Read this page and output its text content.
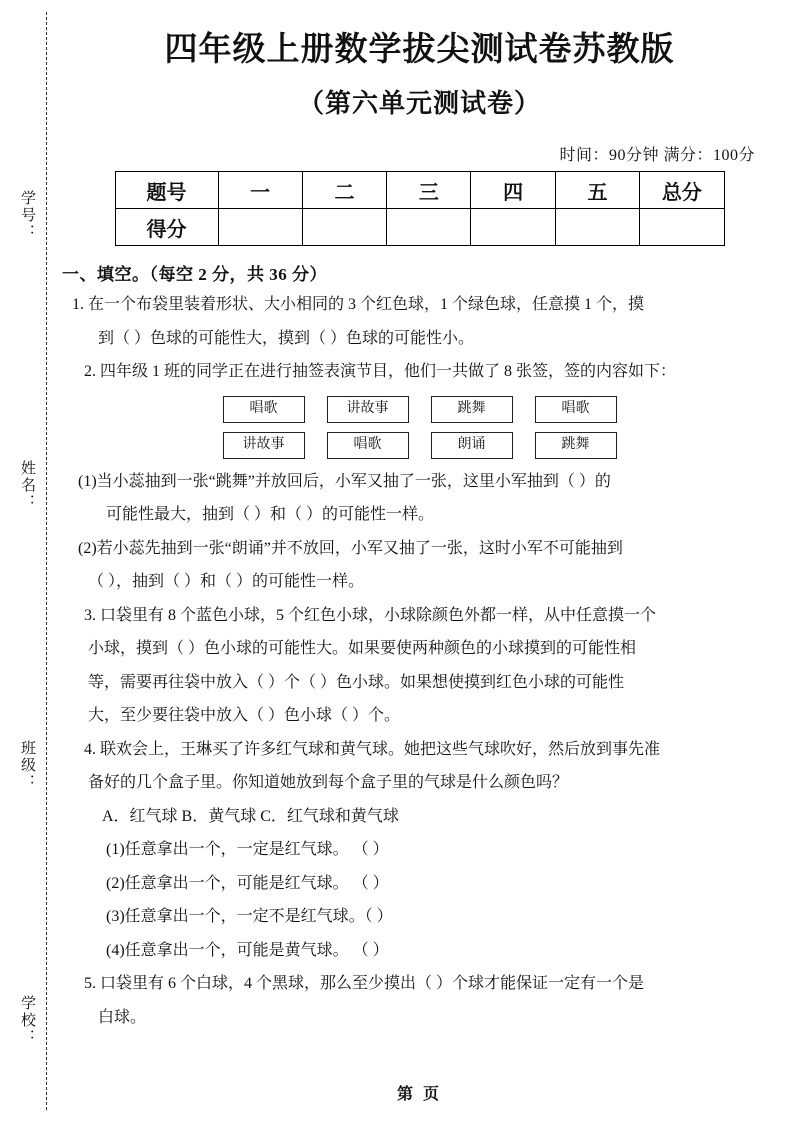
学号：
姓名：
班级：
学校：
四年级上册数学拔尖测试卷苏教版
（第六单元测试卷）
时间：90分钟 满分：100分
题号	一	二	三	四	五	总分
得分						
一、填空。（每空 2 分，共 36 分）
1. 在一个布袋里装着形状、大小相同的 3 个红色球，1 个绿色球，任意摸 1 个，摸
到（ ）色球的可能性大，摸到（ ）色球的可能性小。
2. 四年级 1 班的同学正在进行抽签表演节目，他们一共做了 8 张签，签的内容如下：
唱歌	讲故事	跳舞	唱歌
讲故事	唱歌	朗诵	跳舞
(1)当小蕊抽到一张“跳舞”并放回后，小军又抽了一张，这里小军抽到（ ）的
可能性最大，抽到（ ）和（ ）的可能性一样。
(2)若小蕊先抽到一张“朗诵”并不放回，小军又抽了一张，这时小军不可能抽到
（ ），抽到（ ）和（ ）的可能性一样。
3. 口袋里有 8 个蓝色小球，5 个红色小球，小球除颜色外都一样，从中任意摸一个
小球，摸到（ ）色小球的可能性大。如果要使两种颜色的小球摸到的可能性相
等，需要再往袋中放入（ ）个（ ）色小球。如果想使摸到红色小球的可能性
大，至少要往袋中放入（ ）色小球（ ）个。
4. 联欢会上，王琳买了许多红气球和黄气球。她把这些气球吹好，然后放到事先准
备好的几个盒子里。你知道她放到每个盒子里的气球是什么颜色吗？
A．红气球 B．黄气球 C．红气球和黄气球
(1)任意拿出一个，一定是红气球。 （ ）
(2)任意拿出一个，可能是红气球。 （ ）
(3)任意拿出一个，一定不是红气球。（ ）
(4)任意拿出一个，可能是黄气球。 （ ）
5. 口袋里有 6 个白球，4 个黑球，那么至少摸出（ ）个球才能保证一定有一个是
白球。
第 页
